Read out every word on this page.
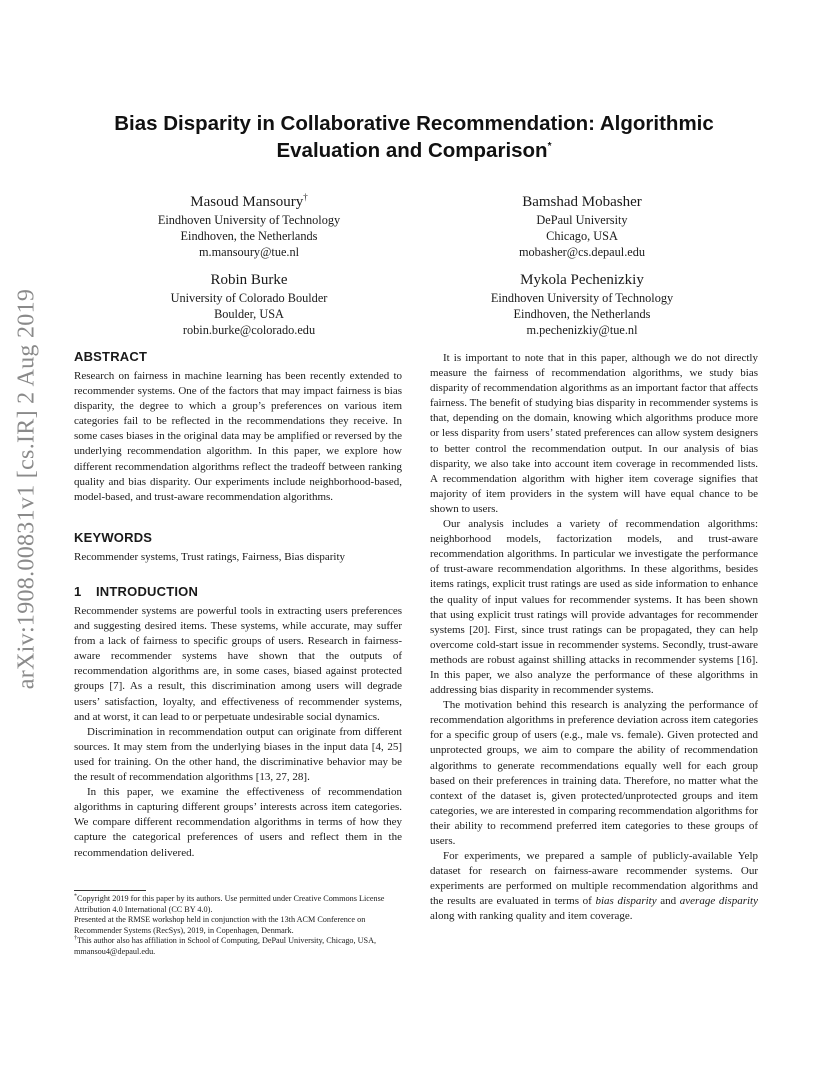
arXiv:1908.00831v1 [cs.IR] 2 Aug 2019
Bias Disparity in Collaborative Recommendation: Algorithmic
Evaluation and Comparison*
Masoud Mansoury†
Eindhoven University of Technology
Eindhoven, the Netherlands
m.mansoury@tue.nl
Bamshad Mobasher
DePaul University
Chicago, USA
mobasher@cs.depaul.edu
Robin Burke
University of Colorado Boulder
Boulder, USA
robin.burke@colorado.edu
Mykola Pechenizkiy
Eindhoven University of Technology
Eindhoven, the Netherlands
m.pechenizkiy@tue.nl
ABSTRACT

Research on fairness in machine learning has been recently extended to recommender systems. One of the factors that may impact fairness is bias disparity, the degree to which a group’s preferences on various item categories fail to be reflected in the recommendations they receive. In some cases biases in the original data may be amplified or reversed by the underlying recommendation algorithm. In this paper, we explore how different recommendation algorithms reflect the tradeoff between ranking quality and bias disparity. Our experiments include neighborhood-based, model-based, and trust-aware recommendation algorithms.

KEYWORDS

Recommender systems, Trust ratings, Fairness, Bias disparity

1 INTRODUCTION

Recommender systems are powerful tools in extracting users preferences and suggesting desired items. These systems, while accurate, may suffer from a lack of fairness to specific groups of users. Research in fairness-aware recommender systems have shown that the outputs of recommendation algorithms are, in some cases, biased against protected groups [7]. As a result, this discrimination among users will degrade users’ satisfaction, loyalty, and effectiveness of recommender systems, and at worst, it can lead to or perpetuate undesirable social dynamics.

Discrimination in recommendation output can originate from different sources. It may stem from the underlying biases in the input data [4, 25] used for training. On the other hand, the discriminative behavior may be the result of recommendation algorithms [13, 27, 28].

In this paper, we examine the effectiveness of recommendation algorithms in capturing different groups’ interests across item categories. We compare different recommendation algorithms in terms of how they capture the categorical preferences of users and reflect them in the recommendation delivered.

*Copyright 2019 for this paper by its authors. Use permitted under Creative Commons License Attribution 4.0 International (CC BY 4.0).
Presented at the RMSE workshop held in conjunction with the 13th ACM Conference on Recommender Systems (RecSys), 2019, in Copenhagen, Denmark.
†This author also has affiliation in School of Computing, DePaul University, Chicago, USA, mmansou4@depaul.edu.

It is important to note that in this paper, although we do not directly measure the fairness of recommendation algorithms, we study bias disparity of recommendation algorithms as an important factor that affects fairness. The benefit of studying bias disparity in recommender systems is that, depending on the domain, knowing which algorithms produce more or less disparity from users’ stated preferences can allow system designers to better control the recommendation output. In our analysis of bias disparity, we also take into account item coverage in recommended lists. A recommendation algorithm with higher item coverage signifies that majority of item providers in the system will have equal chance to be shown to users.

Our analysis includes a variety of recommendation algorithms: neighborhood models, factorization models, and trust-aware recommendation algorithms. In particular we investigate the performance of trust-aware recommendation algorithms. In these algorithms, besides items ratings, explicit trust ratings are used as side information to enhance the quality of input values for recommender systems. It has been shown that using explicit trust ratings will provide advantages for recommender systems [20]. First, since trust ratings can be propagated, they can help overcome cold-start issue in recommender systems. Secondly, trust-aware methods are robust against shilling attacks in recommender systems [16]. In this paper, we also analyze the performance of these algorithms in addressing bias disparity in recommender systems.

The motivation behind this research is analyzing the performance of recommendation algorithms in preference deviation across item categories for a specific group of users (e.g., male vs. female). Given protected and unprotected groups, we aim to compare the ability of recommendation algorithms to generate recommendations equally well for each group based on their preferences in training data. Therefore, no matter what the context of the dataset is, given protected/unprotected groups and item categories, we are interested in comparing recommendation algorithms for their ability to recommend preferred item categories to these groups of users.

For experiments, we prepared a sample of publicly-available Yelp dataset for research on fairness-aware recommender systems. Our experiments are performed on multiple recommendation algorithms and the results are evaluated in terms of bias disparity and average disparity along with ranking quality and item coverage.
